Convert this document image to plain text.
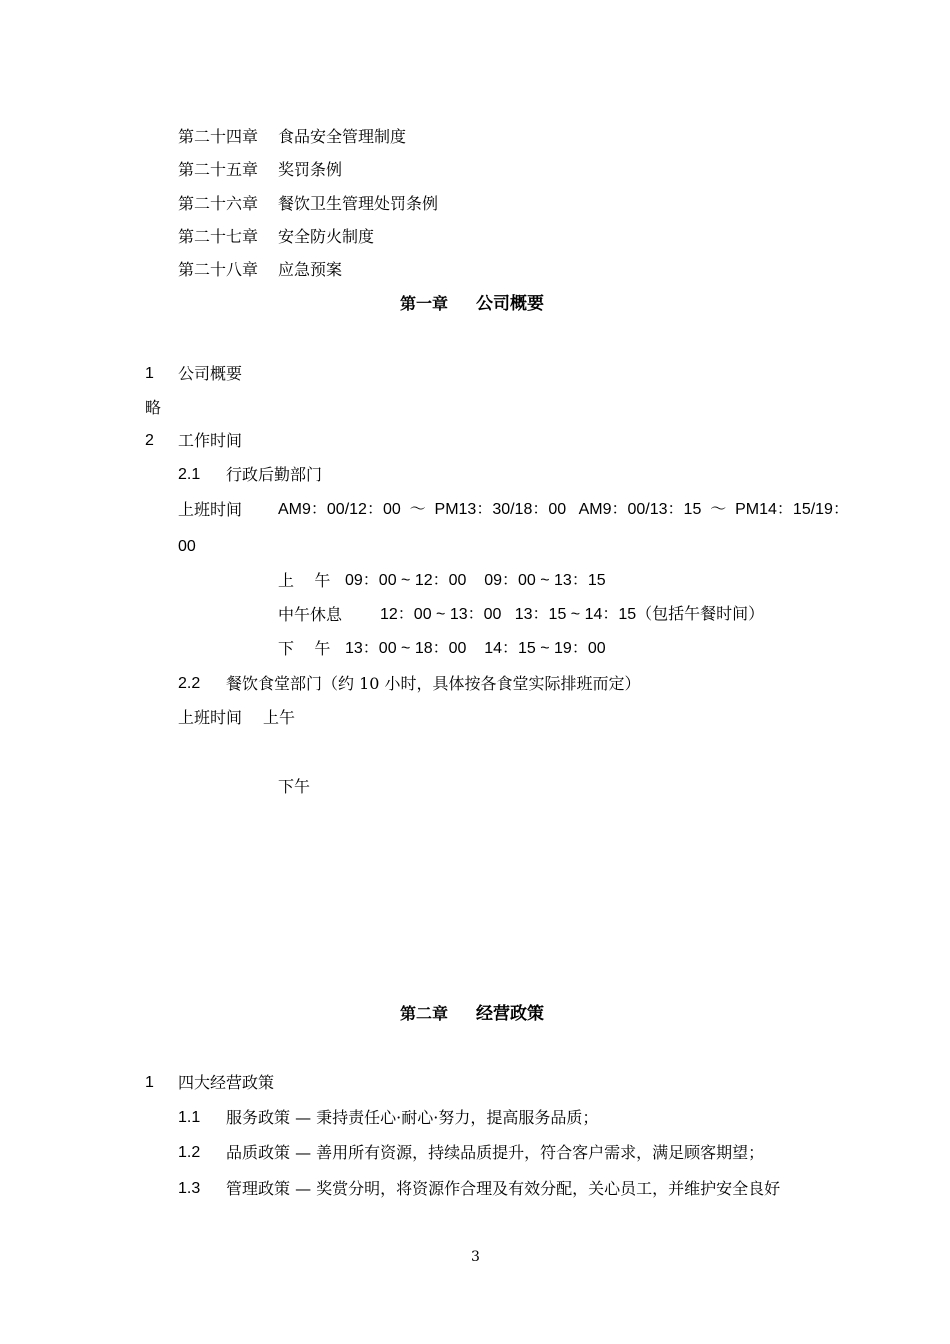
第二十四章 食品安全管理制度
第二十五章 奖罚条例
第二十六章 餐饮卫生管理处罚条例
第二十七章 安全防火制度
第二十八章 应急预案
第一章 公司概要
1 公司概要
略
2 工作时间
2.1 行政后勤部门
上班时间 AM9：00/12：00  ～  PM13：30/18：00   AM9：00/13：15  ～  PM14：15/19：
00
上    午 09：00 ~ 12：00    09：00 ~ 13：15
中午休息 12：00 ~ 13：00   13：15 ~ 14：15（包括午餐时间）
下    午 13：00 ~ 18：00    14：15 ~ 19：00
2.2 餐饮食堂部门（约 10 小时，具体按各食堂实际排班而定）
上班时间 上午
下午
第二章 经营政策
1 四大经营政策
1.1 服务政策 — 秉持责任心·耐心·努力，提高服务品质；
1.2 品质政策 — 善用所有资源，持续品质提升，符合客户需求，满足顾客期望；
1.3 管理政策 — 奖赏分明，将资源作合理及有效分配，关心员工，并维护安全良好
3
